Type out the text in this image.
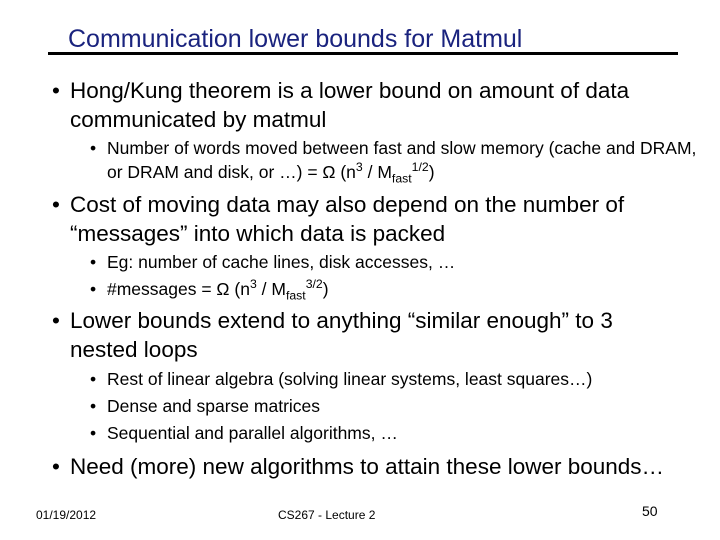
Communication lower bounds for Matmul
• Hong/Kung theorem is a lower bound on amount of data communicated by matmul
• Number of words moved between fast and slow memory (cache and DRAM, or DRAM and disk, or …) = Ω $(n^3 / M_{fast}^{1/2})$
• Cost of moving data may also depend on the number of “messages” into which data is packed
• Eg: number of cache lines, disk accesses, …
• #messages = Ω $(n^3 / M_{fast}^{3/2})$
• Lower bounds extend to anything “similar enough” to 3 nested loops
• Rest of linear algebra (solving linear systems, least squares…)
• Dense and sparse matrices
• Sequential and parallel algorithms, …
• Need (more) new algorithms to attain these lower bounds…
01/19/2012	CS267 - Lecture 2	50
